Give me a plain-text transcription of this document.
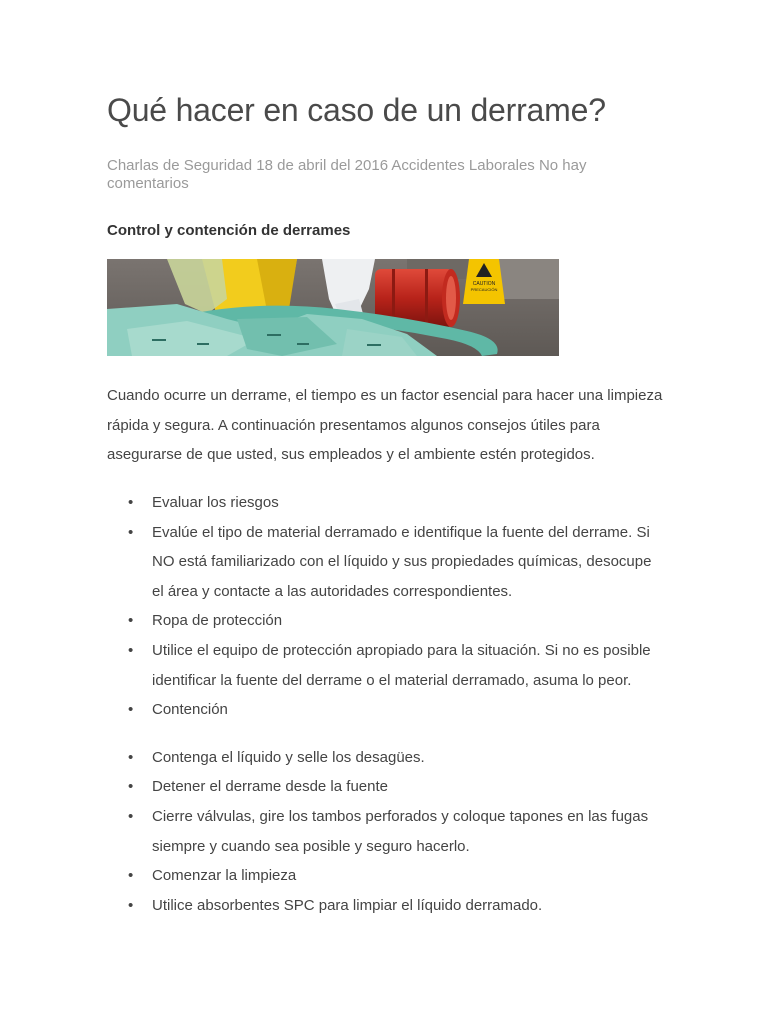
Qué hacer en caso de un derrame?
Charlas de Seguridad 18 de abril del 2016 Accidentes Laborales No hay comentarios
Control y contención de derrames
CAUTION
PRECAUCIÓN

Cuando ocurre un derrame, el tiempo es un factor esencial para hacer una limpieza rápida y segura. A continuación presentamos algunos consejos útiles para asegurarse de que usted, sus empleados y el ambiente estén protegidos.

• Evaluar los riesgos
• Evalúe el tipo de material derramado e identifique la fuente del derrame. Si NO está familiarizado con el líquido y sus propiedades químicas, desocupe el área y contacte a las autoridades correspondientes.
• Ropa de protección
• Utilice el equipo de protección apropiado para la situación. Si no es posible identificar la fuente del derrame o el material derramado, asuma lo peor.
• Contención
• Contenga el líquido y selle los desagües.
• Detener el derrame desde la fuente
• Cierre válvulas, gire los tambos perforados y coloque tapones en las fugas siempre y cuando sea posible y seguro hacerlo.
• Comenzar la limpieza
• Utilice absorbentes SPC para limpiar el líquido derramado.
